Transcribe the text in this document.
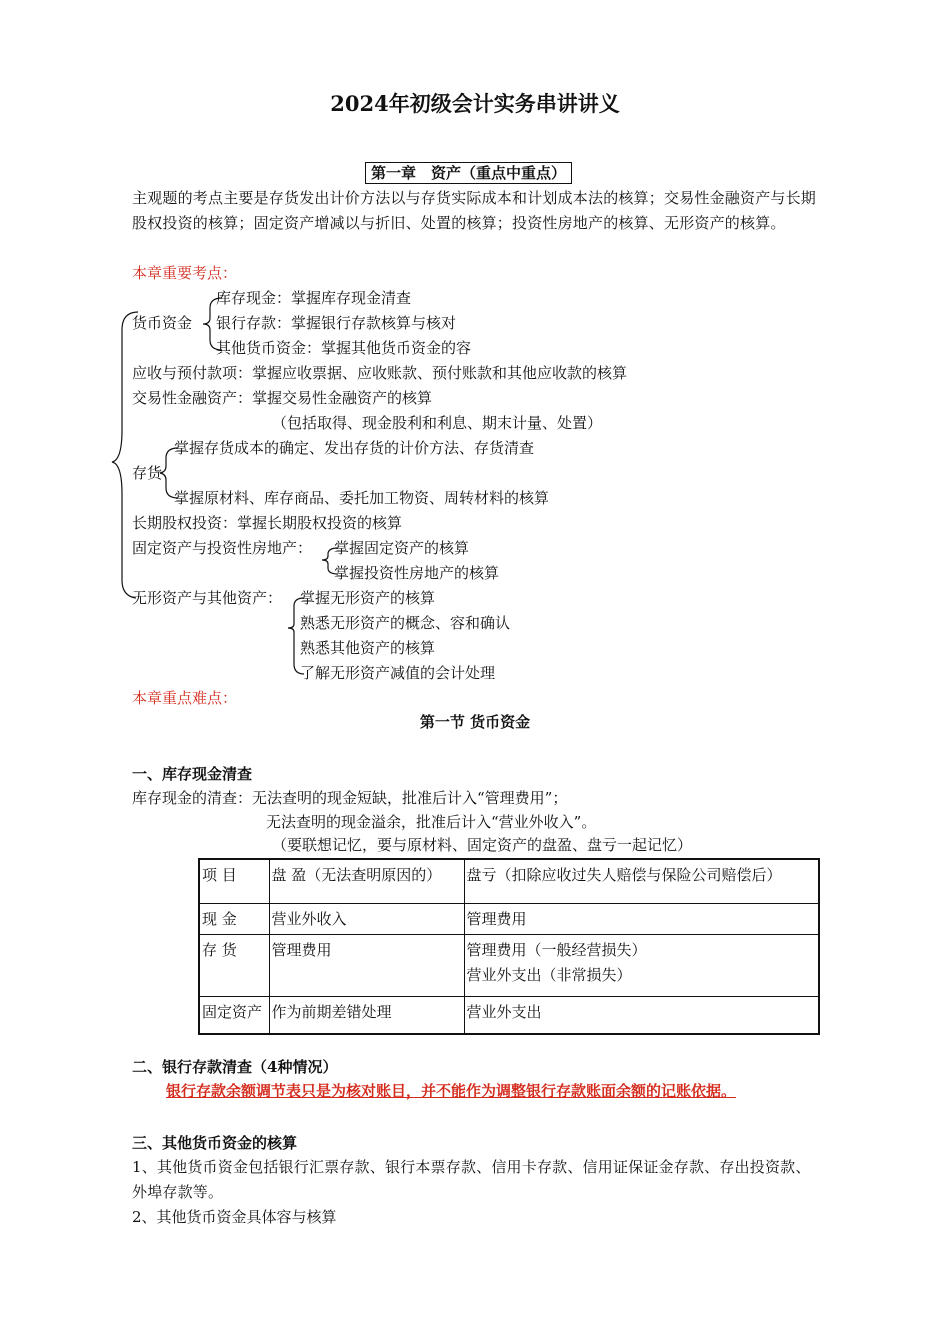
2024年初级会计实务串讲讲义
第一章　资产（重点中重点）
主观题的考点主要是存货发出计价方法以与存货实际成本和计划成本法的核算；交易性金融资产与长期股权投资的核算；固定资产增减以与折旧、处置的核算；投资性房地产的核算、无形资产的核算。
本章重要考点：
货币资金
库存现金：掌握库存现金清查
银行存款：掌握银行存款核算与核对
其他货币资金：掌握其他货币资金的容
应收与预付款项：掌握应收票据、应收账款、预付账款和其他应收款的核算
交易性金融资产：掌握交易性金融资产的核算
（包括取得、现金股利和利息、期末计量、处置）
存货
掌握存货成本的确定、发出存货的计价方法、存货清查
掌握原材料、库存商品、委托加工物资、周转材料的核算
长期股权投资：掌握长期股权投资的核算
固定资产与投资性房地产： 掌握固定资产的核算
掌握投资性房地产的核算
无形资产与其他资产： 掌握无形资产的核算
熟悉无形资产的概念、容和确认
熟悉其他资产的核算
了解无形资产减值的会计处理
本章重点难点：
第一节 货币资金
一、库存现金清查
库存现金的清查：无法查明的现金短缺，批准后计入“管理费用”；
无法查明的现金溢余，批准后计入“营业外收入”。
（要联想记忆，要与原材料、固定资产的盘盈、盘亏一起记忆）
项 目	盘 盈（无法查明原因的）	盘亏（扣除应收过失人赔偿与保险公司赔偿后）
现 金	营业外收入	管理费用
存 货	管理费用	管理费用（一般经营损失）
营业外支出（非常损失）
固定资产	作为前期差错处理	营业外支出
二、银行存款清查（4种情况）
银行存款余额调节表只是为核对账目，并不能作为调整银行存款账面余额的记账依据。
三、其他货币资金的核算
1、其他货币资金包括银行汇票存款、银行本票存款、信用卡存款、信用证保证金存款、存出投资款、外埠存款等。
2、其他货币资金具体容与核算
